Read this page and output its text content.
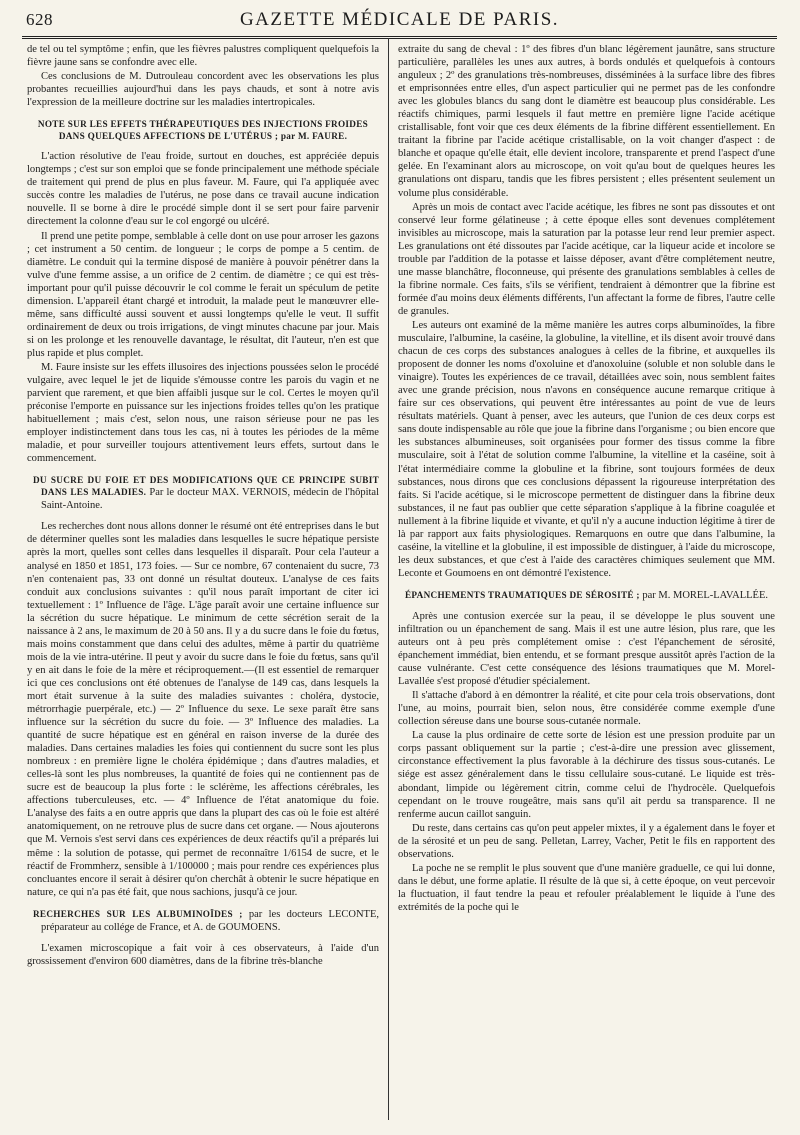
628	GAZETTE MÉDICALE DE PARIS.

de tel ou tel symptôme ; enfin, que les fièvres palustres compliquent quelquefois la fièvre jaune sans se confondre avec elle.

Ces conclusions de M. Dutrouleau concordent avec les observations les plus probantes recueillies aujourd'hui dans les pays chauds, et sont à notre avis l'expression de la meilleure doctrine sur les maladies intertropicales.

NOTE SUR LES EFFETS THÉRAPEUTIQUES DES INJECTIONS FROIDES DANS QUELQUES AFFECTIONS DE L'UTÉRUS ; par M. FAURE.

L'action résolutive de l'eau froide, surtout en douches, est appréciée depuis longtemps ; c'est sur son emploi que se fonde principalement une méthode spéciale de traitement qui prend de plus en plus faveur. M. Faure, qui l'a appliquée avec succès contre les maladies de l'utérus, ne pose dans ce travail aucune indication nouvelle. Il se borne à dire le procédé simple dont il se sert pour faire parvenir directement la colonne d'eau sur le col engorgé ou ulcéré.

Il prend une petite pompe, semblable à celle dont on use pour arroser les gazons ; cet instrument a 50 centim. de longueur ; le corps de pompe a 5 centim. de diamètre. Le conduit qui la termine disposé de manière à pouvoir pénétrer dans la vulve d'une femme assise, a un orifice de 2 centim. de diamètre ; ce qui est très-important pour qu'il puisse découvrir le col comme le ferait un spéculum de petite dimension. L'appareil étant chargé et introduit, la malade peut le manœuvrer elle-même, sans difficulté aussi souvent et aussi longtemps qu'elle le veut. Il suffit ordinairement de deux ou trois irrigations, de vingt minutes chacune par jour. Mais si on les prolonge et les renouvelle davantage, le résultat, dit l'auteur, n'en est que plus rapide et plus complet.

M. Faure insiste sur les effets illusoires des injections poussées selon le procédé vulgaire, avec lequel le jet de liquide s'émousse contre les parois du vagin et ne parvient que rarement, et que bien affaibli jusque sur le col. Certes le moyen qu'il préconise l'emporte en puissance sur les injections froides telles qu'on les pratique habituellement ; mais c'est, selon nous, une raison sérieuse pour ne pas les employer indistinctement dans tous les cas, ni à toutes les périodes de la même maladie, et pour surveiller toujours attentivement leurs effets, surtout dans le commencement.

DU SUCRE DU FOIE ET DES MODIFICATIONS QUE CE PRINCIPE SUBIT DANS LES MALADIES. Par le docteur MAX. VERNOIS, médecin de l'hôpital Saint-Antoine.

Les recherches dont nous allons donner le résumé ont été entreprises dans le but de déterminer quelles sont les maladies dans lesquelles le sucre hépatique persiste après la mort, quelles sont celles dans lesquelles il disparaît. Pour cela l'auteur a analysé en 1850 et 1851, 173 foies. — Sur ce nombre, 67 contenaient du sucre, 73 n'en contenaient pas, 33 ont donné un résultat douteux. L'analyse de ces faits conduit aux conclusions suivantes : qu'il nous paraît important de citer ici textuellement : 1º Influence de l'âge. L'âge paraît avoir une certaine influence sur la sécrétion du sucre hépatique. Le minimum de cette sécrétion serait de la naissance à 2 ans, le maximum de 20 à 50 ans. Il y a du sucre dans le foie du fœtus, mais moins constamment que dans celui des adultes, même à partir du quatrième mois de la vie intra-utérine. Il peut y avoir du sucre dans le foie du fœtus, sans qu'il y en ait dans le foie de la mère et réciproquement.—(Il est essentiel de remarquer ici que ces conclusions ont été obtenues de l'analyse de 149 cas, dans lesquels la mort était survenue à la suite des maladies suivantes : choléra, dystocie, métrorrhagie puerpérale, etc.) — 2º Influence du sexe. Le sexe paraît être sans influence sur la sécrétion du sucre du foie. — 3º Influence des maladies. La quantité de sucre hépatique est en général en raison inverse de la durée des maladies. Dans certaines maladies les foies qui contiennent du sucre sont les plus nombreux : en première ligne le choléra épidémique ; dans d'autres maladies, et celles-là sont les plus nombreuses, la quantité de foies qui ne contiennent pas de sucre est de beaucoup la plus forte : le sclérème, les affections cérébrales, les affections tuberculeuses, etc. — 4º Influence de l'état anatomique du foie. L'analyse des faits a en outre appris que dans la plupart des cas où le foie est altéré anatomiquement, on ne retrouve plus de sucre dans cet organe. — Nous ajouterons que M. Vernois s'est servi dans ces expériences de deux réactifs qu'il a préparés lui même : la solution de potasse, qui permet de reconnaître 1/6154 de sucre, et le réactif de Frommherz, sensible à 1/100000 ; mais pour rendre ces expériences plus concluantes encore il serait à désirer qu'on cherchât à obtenir le sucre hépatique en nature, ce qui n'a pas été fait, que nous sachions, jusqu'à ce jour.

RECHERCHES SUR LES ALBUMINOÏDES ; par les docteurs LECONTE, préparateur au collége de France, et A. de GOUMOENS.

L'examen microscopique a fait voir à ces observateurs, à l'aide d'un grossissement d'environ 600 diamètres, dans de la fibrine très-blanche

extraite du sang de cheval : 1º des fibres d'un blanc légèrement jaunâtre, sans structure particulière, parallèles les unes aux autres, à bords ondulés et quelquefois à contours anguleux ; 2º des granulations très-nombreuses, disséminées à la surface libre des fibres et emprisonnées entre elles, d'un aspect particulier qui ne permet pas de les confondre avec les globules blancs du sang dont le diamètre est beaucoup plus considérable. Les réactifs chimiques, parmi lesquels il faut mettre en première ligne l'acide acétique cristallisable, font voir que ces deux éléments de la fibrine diffèrent essentiellement. En traitant la fibrine par l'acide acétique cristallisable, on la voit changer d'aspect : de blanche et opaque qu'elle était, elle devient incolore, transparente et prend l'aspect d'une gelée. En l'examinant alors au microscope, on voit qu'au bout de quelques heures les granulations ont disparu, tandis que les fibres persistent ; elles présentent seulement un volume plus considérable.

Après un mois de contact avec l'acide acétique, les fibres ne sont pas dissoutes et ont conservé leur forme gélatineuse ; à cette époque elles sont devenues complétement invisibles au microscope, mais la saturation par la potasse leur rend leur premier aspect. Les granulations ont été dissoutes par l'acide acétique, car la liqueur acide et incolore se trouble par l'addition de la potasse et laisse déposer, avant d'être complétement neutre, une masse blanchâtre, floconneuse, qui présente des granulations semblables à celles de la fibrine normale. Ces faits, s'ils se vérifient, tendraient à démontrer que la fibrine est formée d'au moins deux éléments différents, l'un affectant la forme de fibres, l'autre celle de granules.

Les auteurs ont examiné de la même manière les autres corps albuminoïdes, la fibre musculaire, l'albumine, la caséine, la globuline, la vitelline, et ils disent avoir trouvé dans chacun de ces corps des substances analogues à celles de la fibrine, et auxquelles ils proposent de donner les noms d'oxoluine et d'anoxoluine (soluble et non soluble dans le vinaigre). Toutes les expériences de ce travail, détaillées avec soin, nous semblent faites avec une grande précision, nous n'avons en conséquence aucune remarque critique à faire sur ces observations, qui peuvent être intéressantes au point de vue de leurs résultats matériels. Quant à penser, avec les auteurs, que l'union de ces deux corps est sans doute indispensable au rôle que joue la fibrine dans l'organisme ; ou bien encore que les substances albumineuses, soit organisées pour former des tissus comme la fibre musculaire, soit à l'état de solution comme l'albumine, la vitelline et la caséine, soit à l'état intermédiaire comme la globuline et la fibrine, sont toujours formées de deux substances, nous dirons que ces conclusions dépassent la rigoureuse interprétation des faits. Si l'acide acétique, si le microscope permettent de distinguer dans la fibrine deux substances, il ne faut pas oublier que cette séparation s'applique à la fibrine coagulée et nullement à la fibrine liquide et vivante, et qu'il n'y a aucune induction légitime à tirer de là par rapport aux faits physiologiques. Remarquons en outre que dans l'albumine, la caséine, la vitelline et la globuline, il est impossible de distinguer, à l'aide du microscope, les deux substances, et que c'est à l'aide des caractères chimiques seulement que MM. Leconte et Goumoens en ont démontré l'existence.

ÉPANCHEMENTS TRAUMATIQUES DE SÉROSITÉ ; par M. MOREL-LAVALLÉE.

Après une contusion exercée sur la peau, il se développe le plus souvent une infiltration ou un épanchement de sang. Mais il est une autre lésion, plus rare, que les auteurs ont à peu près complétement omise : c'est l'épanchement de sérosité, épanchement immédiat, bien entendu, et se formant presque aussitôt après l'action de la cause vulnérante. C'est cette conséquence des lésions traumatiques que M. Morel-Lavallée s'est proposé d'étudier spécialement.

Il s'attache d'abord à en démontrer la réalité, et cite pour cela trois observations, dont l'une, au moins, pourrait bien, selon nous, être considérée comme exemple d'une collection séreuse dans une bourse sous-cutanée normale.

La cause la plus ordinaire de cette sorte de lésion est une pression produite par un corps passant obliquement sur la partie ; c'est-à-dire une pression avec glissement, circonstance effectivement la plus favorable à la déchirure des tissus sous-cutanés. Le siége est assez généralement dans le tissu cellulaire sous-cutané. Le liquide est très-abondant, limpide ou légèrement citrin, comme celui de l'hydrocèle. Quelquefois cependant on le trouve rougeâtre, mais sans qu'il ait perdu sa transparence. Il ne renferme aucun caillot sanguin.

Du reste, dans certains cas qu'on peut appeler mixtes, il y a également dans le foyer et de la sérosité et un peu de sang. Pelletan, Larrey, Vacher, Petit le fils en rapportent des observations.

La poche ne se remplit le plus souvent que d'une manière graduelle, ce qui lui donne, dans le début, une forme aplatie. Il résulte de là que si, à cette époque, on veut percevoir la fluctuation, il faut tendre la peau et refouler préalablement le liquide à l'une des extrémités de la poche qui le
